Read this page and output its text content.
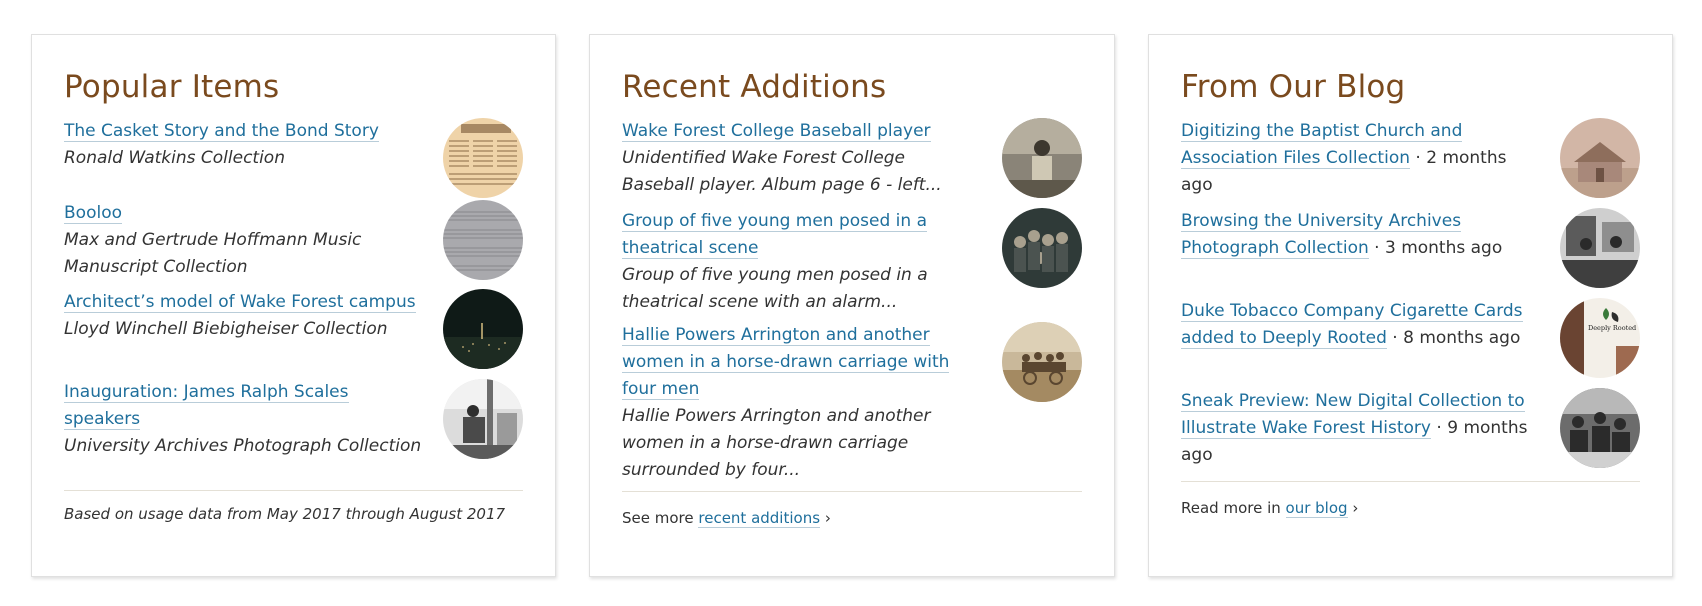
Popular Items
The Casket Story and the Bond Story
Ronald Watkins Collection
Booloo
Max and Gertrude Hoffmann Music Manuscript Collection
Architect’s model of Wake Forest campus
Lloyd Winchell Biebigheiser Collection
Inauguration: James Ralph Scales speakers
University Archives Photograph Collection
Based on usage data from May 2017 through August 2017
Recent Additions
Wake Forest College Baseball player
Unidentified Wake Forest College Baseball player. Album page 6 - left...
Group of five young men posed in a theatrical scene
Group of five young men posed in a theatrical scene with an alarm...
Hallie Powers Arrington and another women in a horse-drawn carriage with four men
Hallie Powers Arrington and another women in a horse-drawn carriage surrounded by four...
See more recent additions ›
From Our Blog
Digitizing the Baptist Church and Association Files Collection · 2 months ago
Browsing the University Archives Photograph Collection · 3 months ago
Duke Tobacco Company Cigarette Cards added to Deeply Rooted · 8 months ago	Deeply Rooted
Sneak Preview: New Digital Collection to Illustrate Wake Forest History · 9 months ago
Read more in our blog ›
